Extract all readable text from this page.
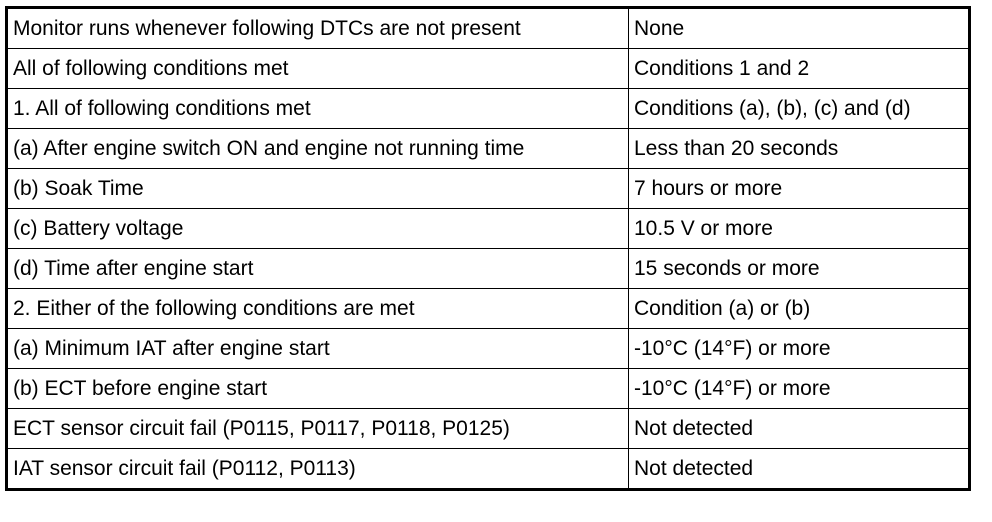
Monitor runs whenever following DTCs are not present	None
All of following conditions met	Conditions 1 and 2
1. All of following conditions met	Conditions (a), (b), (c) and (d)
(a) After engine switch ON and engine not running time	Less than 20 seconds
(b) Soak Time	7 hours or more
(c) Battery voltage	10.5 V or more
(d) Time after engine start	15 seconds or more
2. Either of the following conditions are met	Condition (a) or (b)
(a) Minimum IAT after engine start	-10°C (14°F) or more
(b) ECT before engine start	-10°C (14°F) or more
ECT sensor circuit fail (P0115, P0117, P0118, P0125)	Not detected
IAT sensor circuit fail (P0112, P0113)	Not detected
